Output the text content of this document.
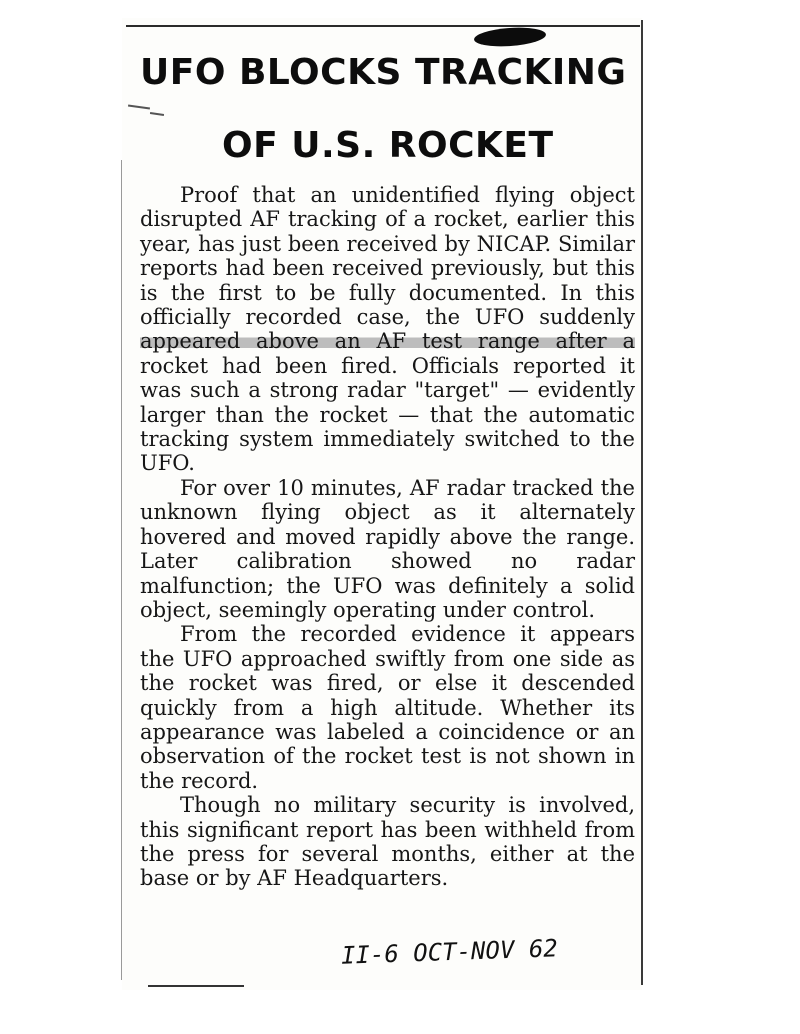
UFO BLOCKS TRACKING
OF U.S. ROCKET

Proof that an unidentified flying object disrupted AF tracking of a rocket, earlier this year, has just been received by NICAP. Similar reports had been received previously, but this is the first to be fully documented. In this officially recorded case, the UFO suddenly appeared above an AF test range after a rocket had been fired. Officials reported it was such a strong radar "target" — evidently larger than the rocket — that the automatic tracking system immediately switched to the UFO.

For over 10 minutes, AF radar tracked the unknown flying object as it alternately hovered and moved rapidly above the range. Later calibration showed no radar malfunction; the UFO was definitely a solid object, seemingly operating under control.

From the recorded evidence it appears the UFO approached swiftly from one side as the rocket was fired, or else it descended quickly from a high altitude. Whether its appearance was labeled a coincidence or an observation of the rocket test is not shown in the record.

Though no military security is involved, this significant report has been withheld from the press for several months, either at the base or by AF Headquarters.

II-6 OCT-NOV 62
